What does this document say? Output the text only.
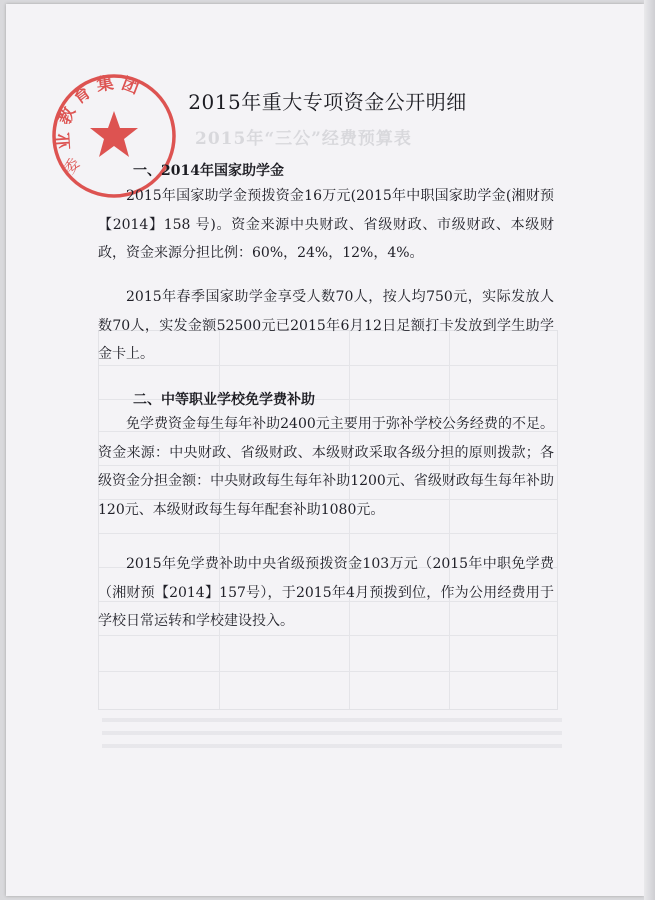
2015年“三公”经费预算表
业教育集团
委
2015年重大专项资金公开明细
一、2014年国家助学金

2015年国家助学金预拨资金16万元(2015年中职国家助学金(湘财预【2014】158 号)。资金来源中央财政、省级财政、市级财政、本级财政，资金来源分担比例：60%，24%，12%，4%。

2015年春季国家助学金享受人数70人，按人均750元，实际发放人数70人，实发金额52500元已2015年6月12日足额打卡发放到学生助学金卡上。

二、中等职业学校免学费补助

免学费资金每生每年补助2400元主要用于弥补学校公务经费的不足。资金来源：中央财政、省级财政、本级财政采取各级分担的原则拨款；各级资金分担金额：中央财政每生每年补助1200元、省级财政每生每年补助120元、本级财政每生每年配套补助1080元。

2015年免学费补助中央省级预拨资金103万元（2015年中职免学费（湘财预【2014】157号），于2015年4月预拨到位，作为公用经费用于学校日常运转和学校建设投入。
